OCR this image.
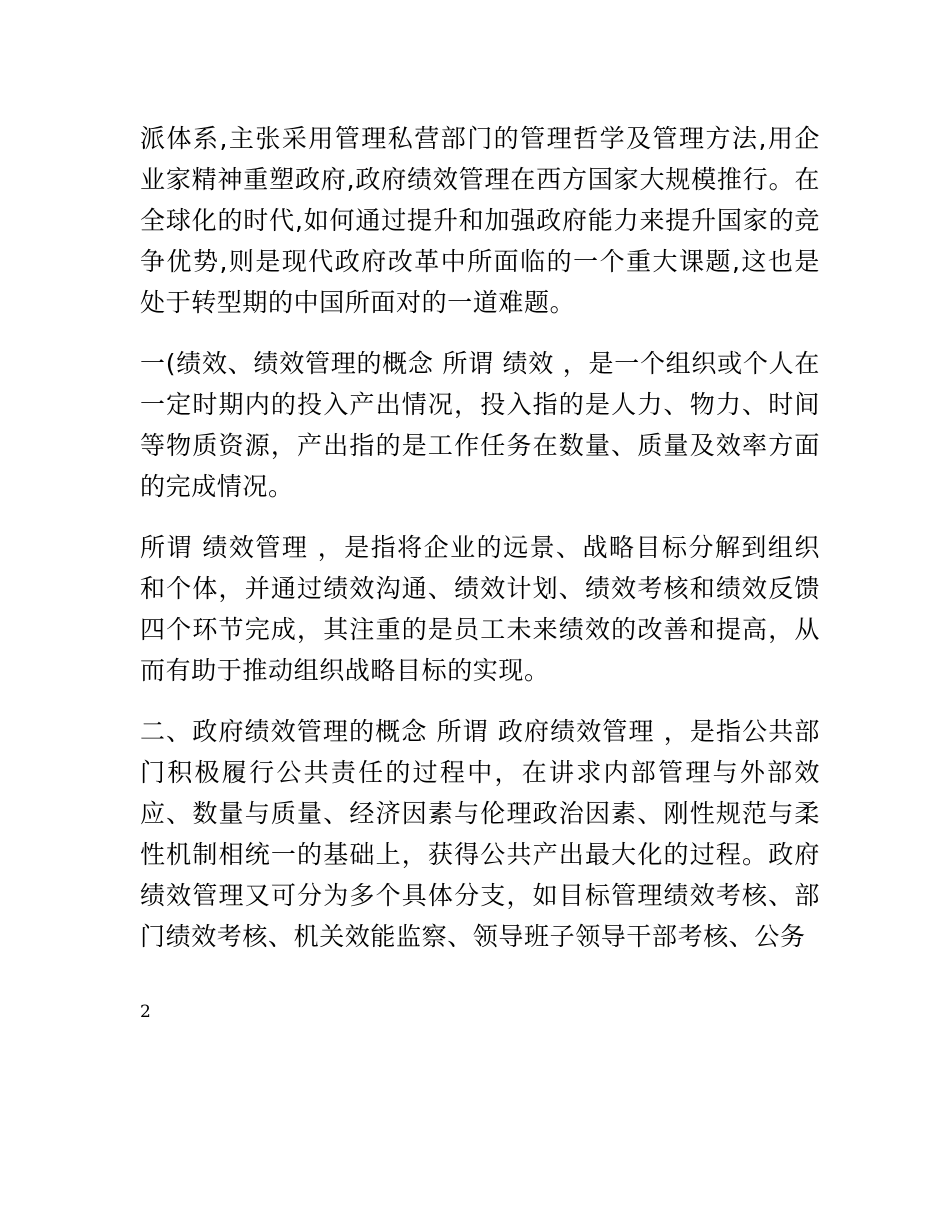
派体系,主张采用管理私营部门的管理哲学及管理方法,用企业家精神重塑政府,政府绩效管理在西方国家大规模推行。在全球化的时代,如何通过提升和加强政府能力来提升国家的竞争优势,则是现代政府改革中所面临的一个重大课题,这也是处于转型期的中国所面对的一道难题。

一(绩效、绩效管理的概念 所谓 绩效 ，是一个组织或个人在一定时期内的投入产出情况，投入指的是人力、物力、时间等物质资源，产出指的是工作任务在数量、质量及效率方面的完成情况。

所谓 绩效管理 ，是指将企业的远景、战略目标分解到组织和个体，并通过绩效沟通、绩效计划、绩效考核和绩效反馈四个环节完成，其注重的是员工未来绩效的改善和提高，从而有助于推动组织战略目标的实现。

二、政府绩效管理的概念 所谓 政府绩效管理 ，是指公共部门积极履行公共责任的过程中，在讲求内部管理与外部效应、数量与质量、经济因素与伦理政治因素、刚性规范与柔性机制相统一的基础上，获得公共产出最大化的过程。政府绩效管理又可分为多个具体分支，如目标管理绩效考核、部门绩效考核、机关效能监察、领导班子领导干部考核、公务

2
